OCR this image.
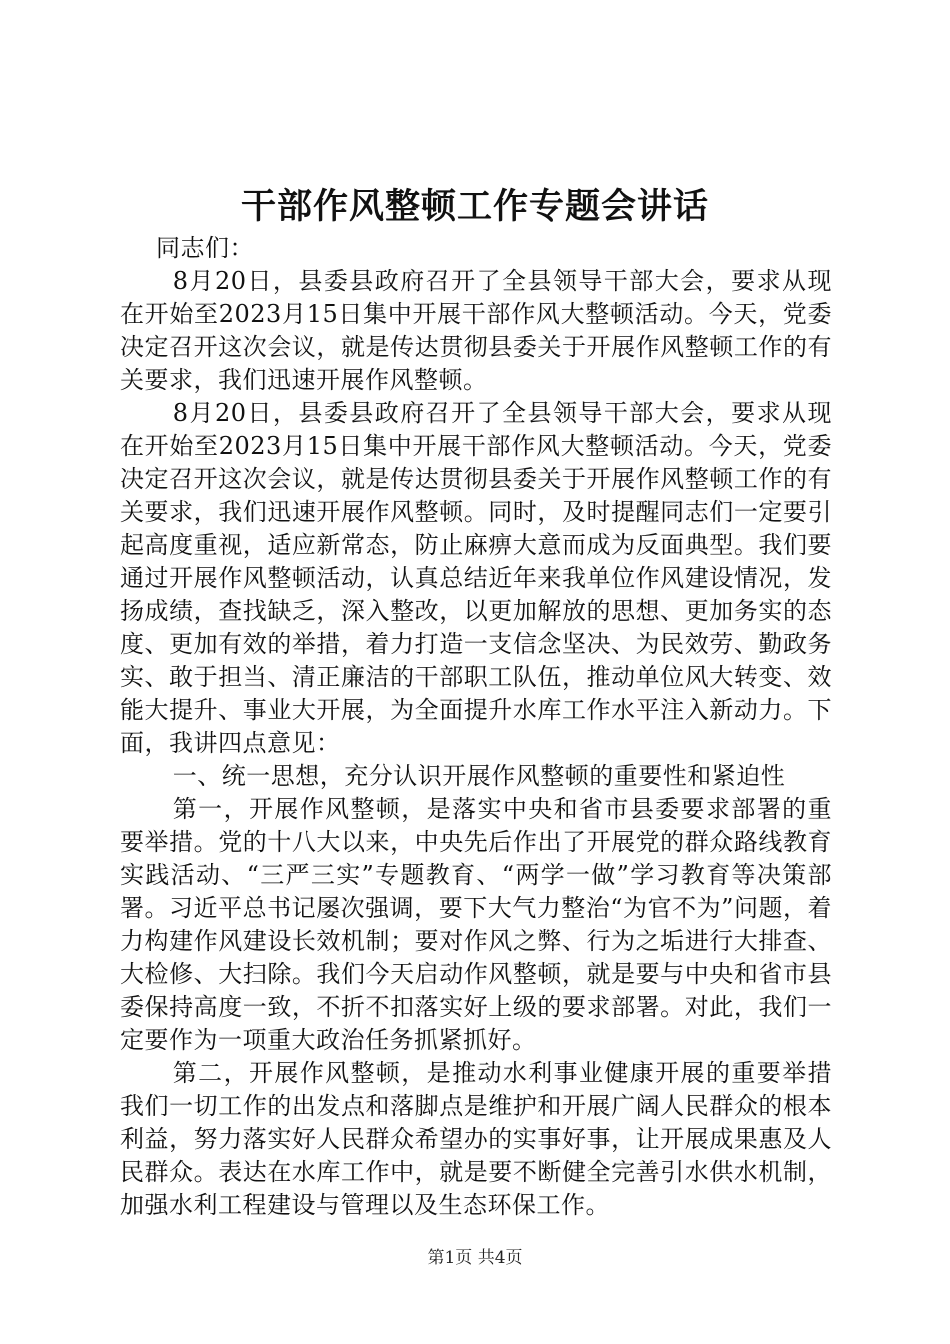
干部作风整顿工作专题会讲话

同志们：

8月20日，县委县政府召开了全县领导干部大会，要求从现在开始至2023月15日集中开展干部作风大整顿活动。今天，党委决定召开这次会议，就是传达贯彻县委关于开展作风整顿工作的有关要求，我们迅速开展作风整顿。

8月20日，县委县政府召开了全县领导干部大会，要求从现在开始至2023月15日集中开展干部作风大整顿活动。今天，党委决定召开这次会议，就是传达贯彻县委关于开展作风整顿工作的有关要求，我们迅速开展作风整顿。同时，及时提醒同志们一定要引起高度重视，适应新常态，防止麻痹大意而成为反面典型。我们要通过开展作风整顿活动，认真总结近年来我单位作风建设情况，发扬成绩，查找缺乏，深入整改，以更加解放的思想、更加务实的态度、更加有效的举措，着力打造一支信念坚决、为民效劳、勤政务实、敢于担当、清正廉洁的干部职工队伍，推动单位风大转变、效能大提升、事业大开展，为全面提升水库工作水平注入新动力。下面，我讲四点意见：

一、统一思想，充分认识开展作风整顿的重要性和紧迫性

第一，开展作风整顿，是落实中央和省市县委要求部署的重要举措。党的十八大以来，中央先后作出了开展党的群众路线教育实践活动、“三严三实”专题教育、“两学一做”学习教育等决策部署。习近平总书记屡次强调，要下大气力整治“为官不为”问题，着力构建作风建设长效机制；要对作风之弊、行为之垢进行大排查、大检修、大扫除。我们今天启动作风整顿，就是要与中央和省市县委保持高度一致，不折不扣落实好上级的要求部署。对此，我们一定要作为一项重大政治任务抓紧抓好。

第二，开展作风整顿，是推动水利事业健康开展的重要举措我们一切工作的出发点和落脚点是维护和开展广阔人民群众的根本利益，努力落实好人民群众希望办的实事好事，让开展成果惠及人民群众。表达在水库工作中，就是要不断健全完善引水供水机制，加强水利工程建设与管理以及生态环保工作。

第1页 共4页
